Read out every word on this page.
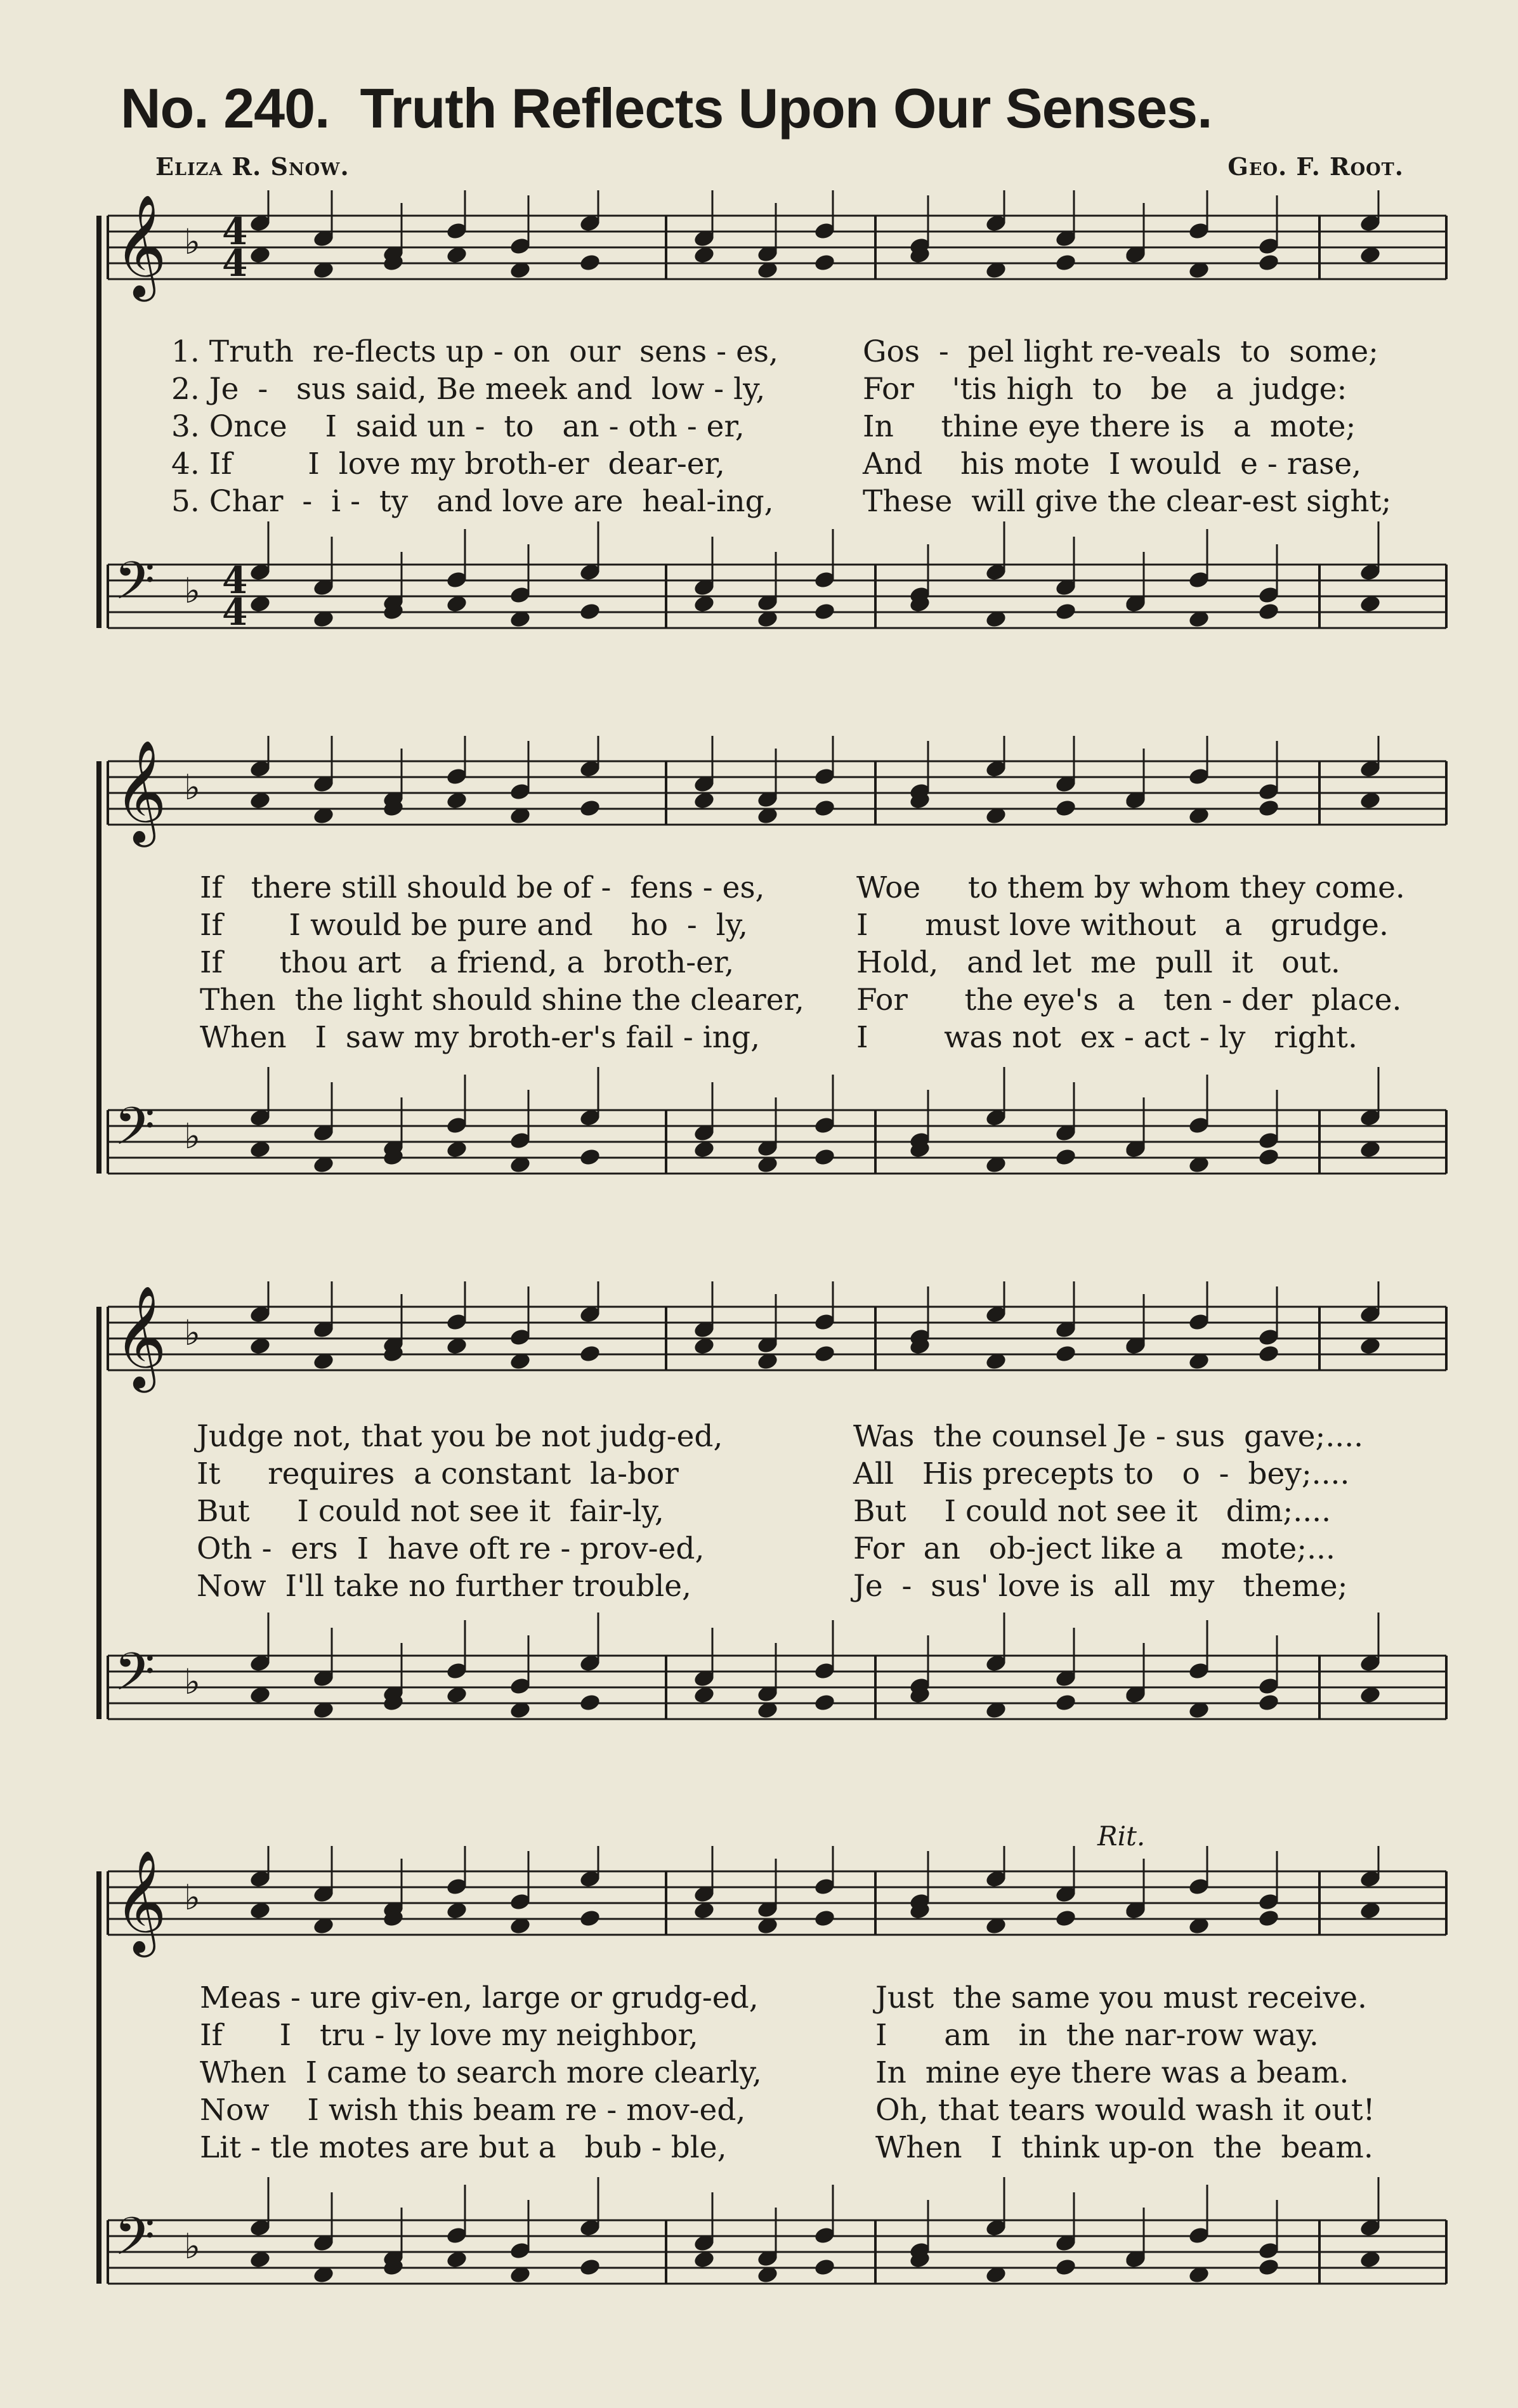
No. 240. Truth Reflects Upon Our Senses.
Eliza R. Snow.	Geo. F. Root.
𝄞 ♭
𝄢 ♭
4
4
4
4
1. Truth  re-flects up - on  our  sens - es,
2. Je  -   sus said, Be meek and  low - ly,
3. Once    I  said un -  to   an - oth - er,
4. If        I  love my broth-er  dear-er,
5. Char  -  i -  ty   and love are  heal-ing,
Gos  -  pel light re-veals  to  some;
For    'tis high  to   be   a  judge:
In     thine eye there is   a  mote;
And    his mote  I would  e - rase,
These  will give the clear-est sight;
𝄞 ♭
𝄢 ♭
If   there still should be of -  fens - es,
If       I would be pure and    ho  -  ly,
If      thou art   a friend, a  broth-er,
Then  the light should shine the clearer,
When   I  saw my broth-er's fail - ing,
Woe     to them by whom they come.
I      must love without   a   grudge.
Hold,   and let  me  pull  it   out.
For      the eye's  a   ten - der  place.
I        was not  ex - act - ly   right.
𝄞 ♭
𝄢 ♭
Judge not, that you be not judg-ed,
It     requires  a constant  la-bor
But     I could not see it  fair-ly,
Oth -  ers  I  have oft re - prov-ed,
Now  I'll take no further trouble,
Was  the counsel Je - sus  gave;....
All   His precepts to   o  -  bey;....
But    I could not see it   dim;....
For  an   ob-ject like a    mote;...
Je  -  sus' love is  all  my   theme;
𝄞 ♭
𝄢 ♭
Meas - ure giv-en, large or grudg-ed,
If      I   tru - ly love my neighbor,
When  I came to search more clearly,
Now    I wish this beam re - mov-ed,
Lit - tle motes are but a   bub - ble,
Just  the same you must receive.
I      am   in  the nar-row way.
In  mine eye there was a beam.
Oh, that tears would wash it out!
When   I  think up-on  the  beam.
Rit.
